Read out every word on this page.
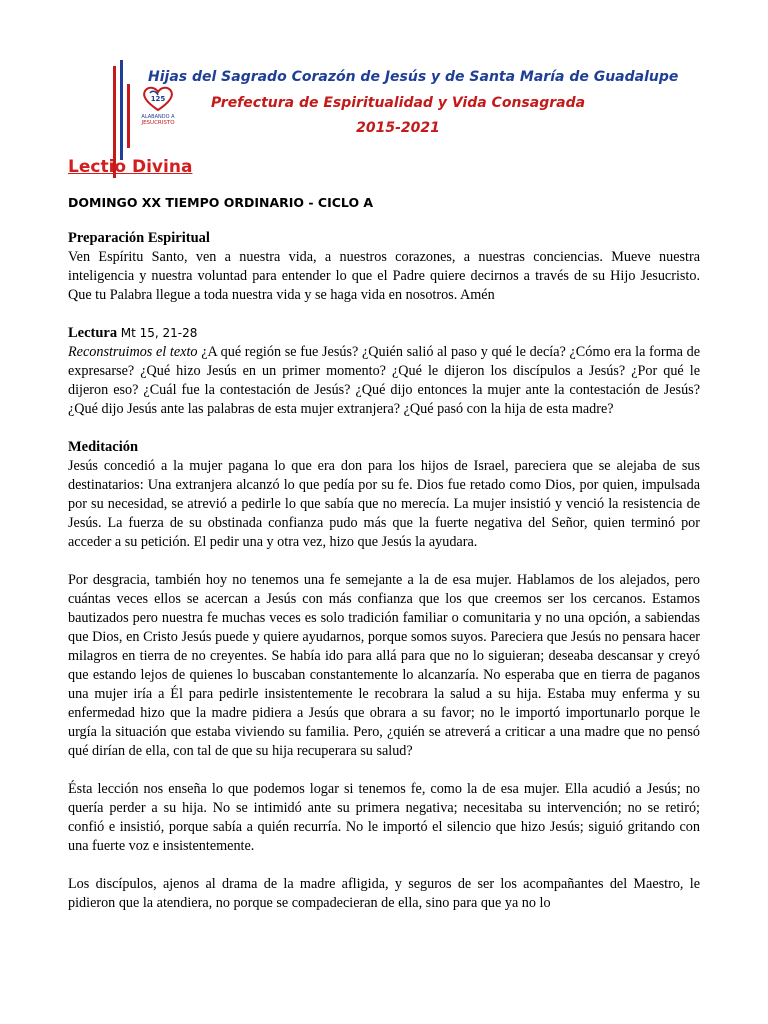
125
ALABANDO A
JESUCRISTO
Hijas del Sagrado Corazón de Jesús y de Santa María de Guadalupe
Prefectura de Espiritualidad y Vida Consagrada
2015-2021
Lectio Divina
DOMINGO XX TIEMPO ORDINARIO - CICLO A
Preparación Espiritual

Ven Espíritu Santo, ven a nuestra vida, a nuestros corazones, a nuestras conciencias. Mueve nuestra inteligencia y nuestra voluntad para entender lo que el Padre quiere decirnos a través de su Hijo Jesucristo. Que tu Palabra llegue a toda nuestra vida y se haga vida en nosotros. Amén

Lectura Mt 15, 21-28

Reconstruimos el texto ¿A qué región se fue Jesús? ¿Quién salió al paso y qué le decía? ¿Cómo era la forma de expresarse? ¿Qué hizo Jesús en un primer momento? ¿Qué le dijeron los discípulos a Jesús? ¿Por qué le dijeron eso? ¿Cuál fue la contestación de Jesús? ¿Qué dijo entonces la mujer ante la contestación de Jesús? ¿Qué dijo Jesús ante las palabras de esta mujer extranjera? ¿Qué pasó con la hija de esta madre?

Meditación

Jesús concedió a la mujer pagana lo que era don para los hijos de Israel, pareciera que se alejaba de sus destinatarios: Una extranjera alcanzó lo que pedía por su fe. Dios fue retado como Dios, por quien, impulsada por su necesidad, se atrevió a pedirle lo que sabía que no merecía. La mujer insistió y venció la resistencia de Jesús. La fuerza de su obstinada confianza pudo más que la fuerte negativa del Señor, quien terminó por acceder a su petición. El pedir una y otra vez, hizo que Jesús la ayudara.

Por desgracia, también hoy no tenemos una fe semejante a la de esa mujer. Hablamos de los alejados, pero cuántas veces ellos se acercan a Jesús con más confianza que los que creemos ser los cercanos. Estamos bautizados pero nuestra fe muchas veces es solo tradición familiar o comunitaria y no una opción, a sabiendas que Dios, en Cristo Jesús puede y quiere ayudarnos, porque somos suyos. Pareciera que Jesús no pensara hacer milagros en tierra de no creyentes. Se había ido para allá para que no lo siguieran; deseaba descansar y creyó que estando lejos de quienes lo buscaban constantemente lo alcanzaría. No esperaba que en tierra de paganos una mujer iría a Él para pedirle insistentemente le recobrara la salud a su hija. Estaba muy enferma y su enfermedad hizo que la madre pidiera a Jesús que obrara a su favor; no le importó importunarlo porque le urgía la situación que estaba viviendo su familia. Pero, ¿quién se atreverá a criticar a una madre que no pensó qué dirían de ella, con tal de que su hija recuperara su salud?

Ésta lección nos enseña lo que podemos logar si tenemos fe, como la de esa mujer. Ella acudió a Jesús; no quería perder a su hija. No se intimidó ante su primera negativa; necesitaba su intervención; no se retiró; confió e insistió, porque sabía a quién recurría. No le importó el silencio que hizo Jesús; siguió gritando con una fuerte voz e insistentemente.

Los discípulos, ajenos al drama de la madre afligida, y seguros de ser los acompañantes del Maestro, le pidieron que la atendiera, no porque se compadecieran de ella, sino para que ya no lo
